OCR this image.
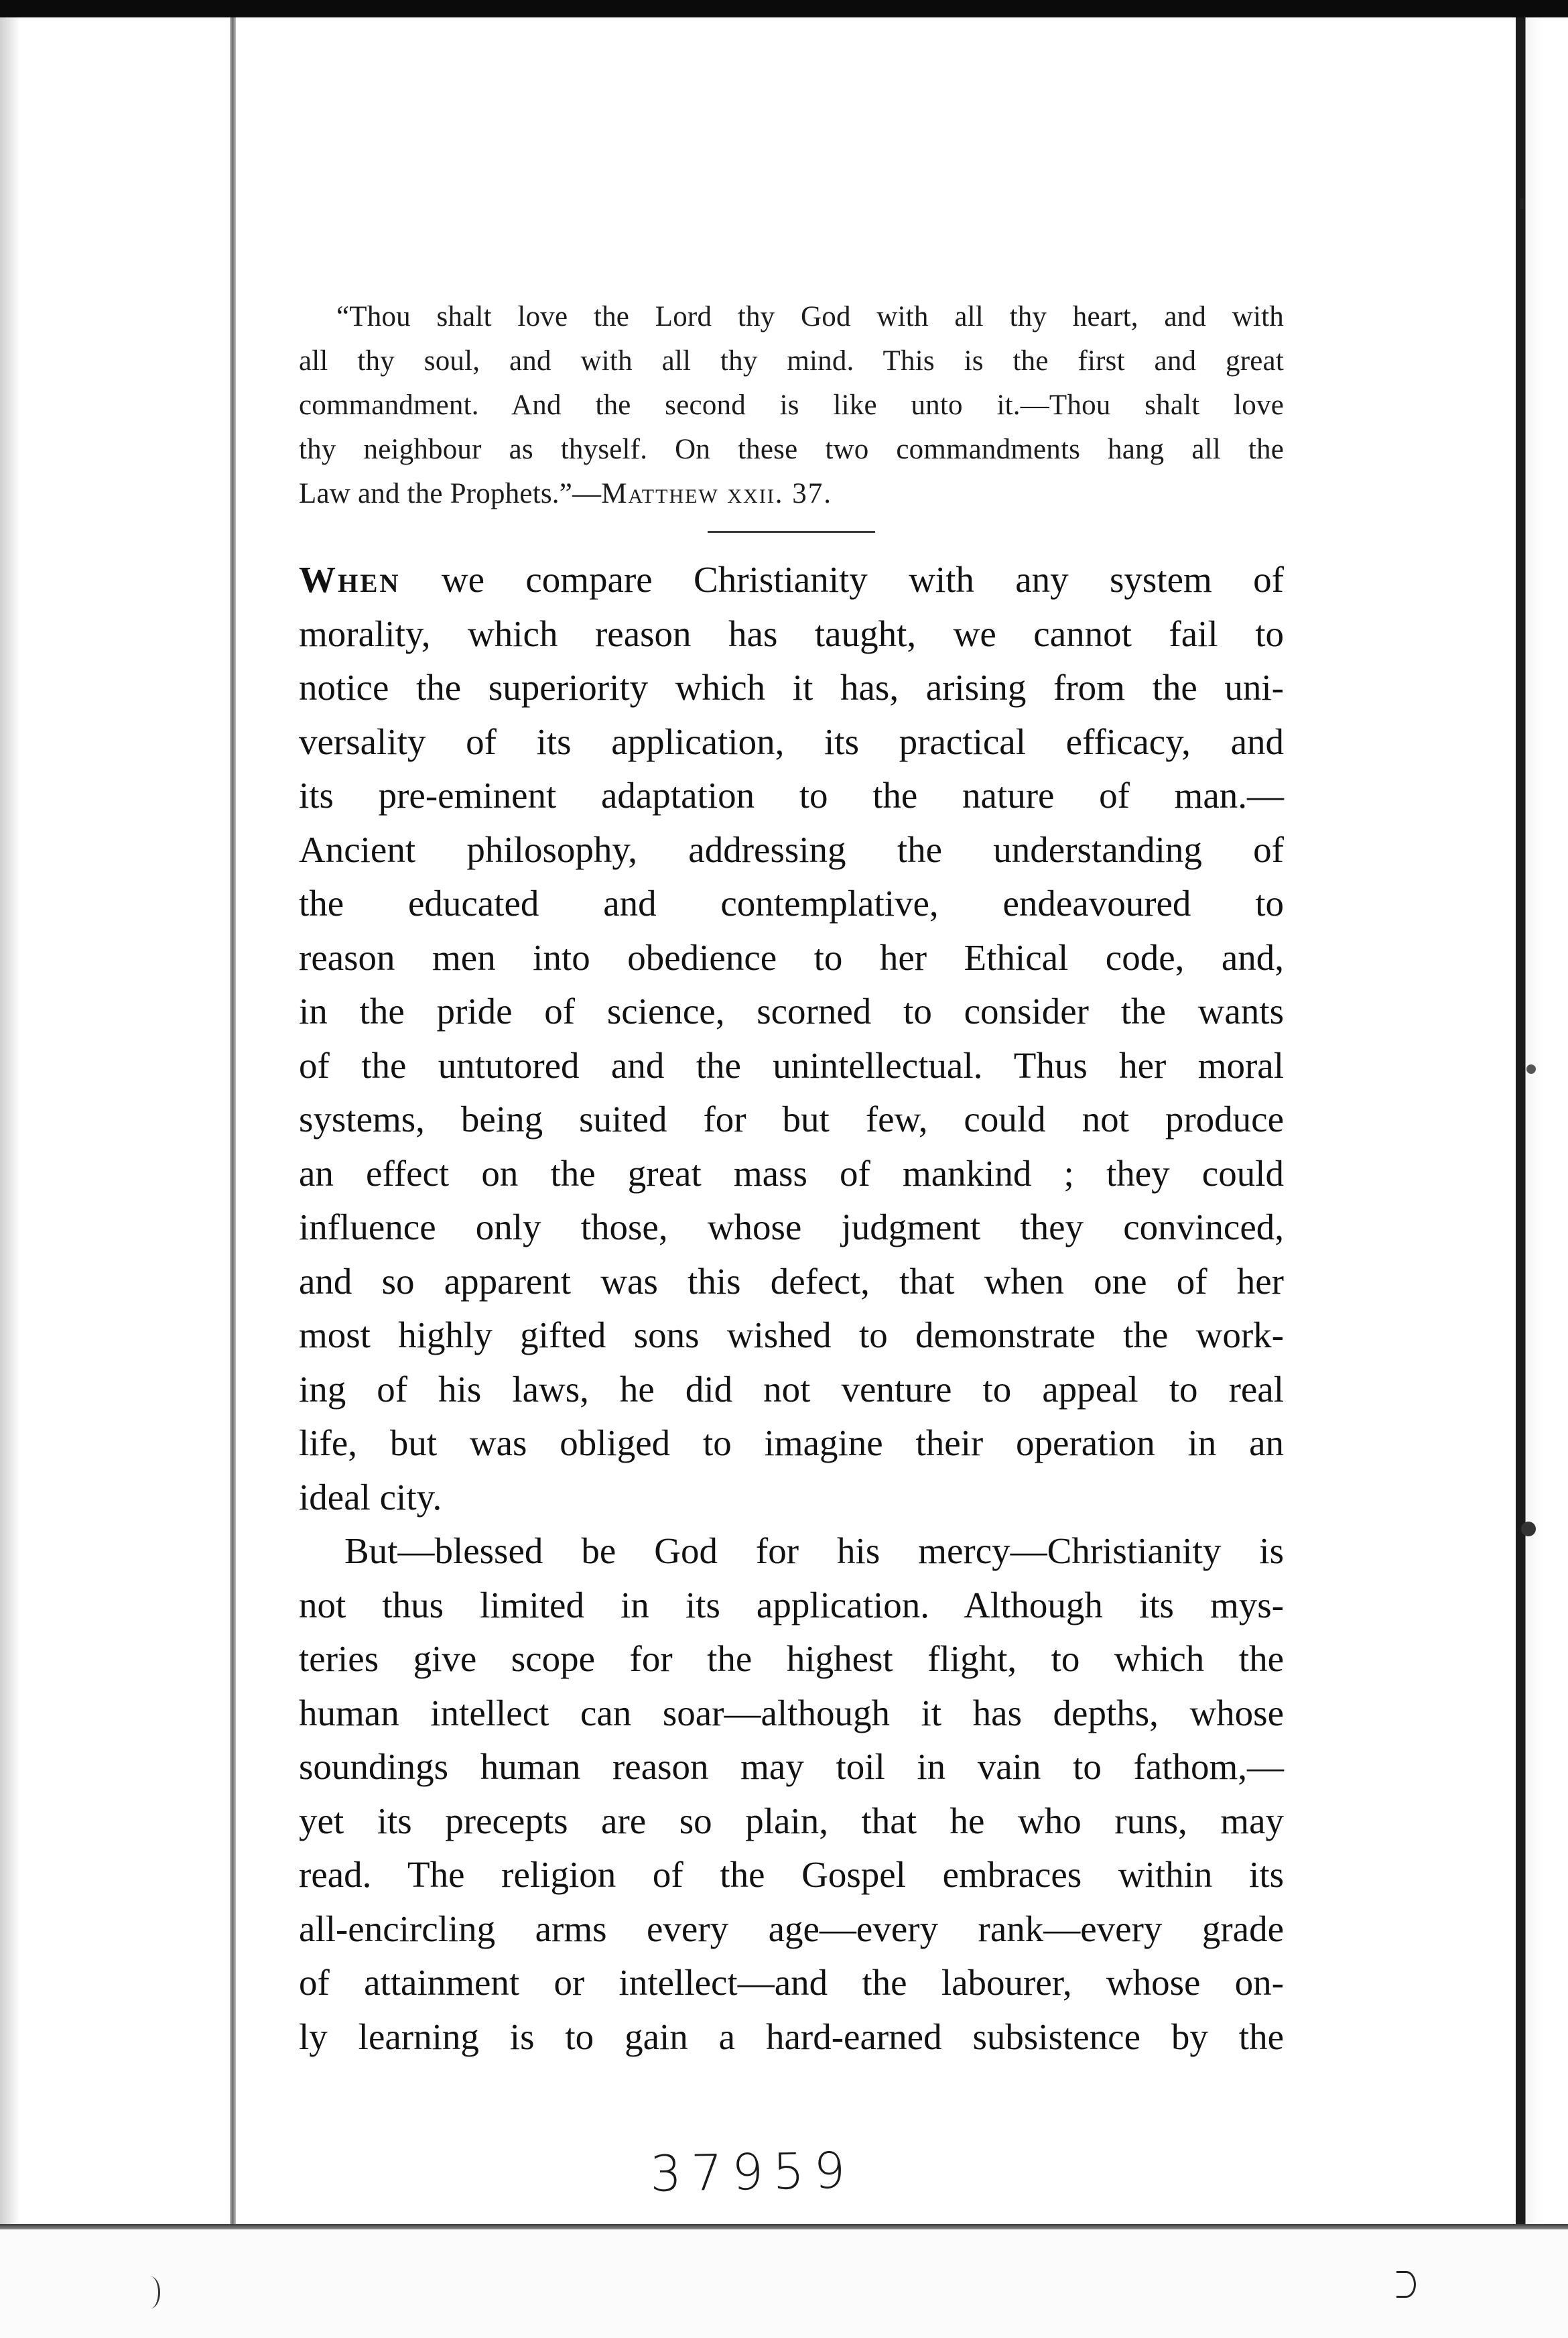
“Thou shalt love the Lord thy God with all thy heart, and with
all thy soul, and with all thy mind. This is the first and great
commandment. And the second is like unto it.—Thou shalt love
thy neighbour as thyself. On these two commandments hang all the
Law and the Prophets.”—Matthew xxii. 37.
When we compare Christianity with any system of
morality, which reason has taught, we cannot fail to
notice the superiority which it has, arising from the uni-
versality of its application, its practical efficacy, and
its pre-eminent adaptation to the nature of man.—
Ancient philosophy, addressing the understanding of
the educated and contemplative, endeavoured to
reason men into obedience to her Ethical code, and,
in the pride of science, scorned to consider the wants
of the untutored and the unintellectual. Thus her moral
systems, being suited for but few, could not produce
an effect on the great mass of mankind ; they could
influence only those, whose judgment they convinced,
and so apparent was this defect, that when one of her
most highly gifted sons wished to demonstrate the work-
ing of his laws, he did not venture to appeal to real
life, but was obliged to imagine their operation in an
ideal city.
But—blessed be God for his mercy—Christianity is
not thus limited in its application. Although its mys-
teries give scope for the highest flight, to which the
human intellect can soar—although it has depths, whose
soundings human reason may toil in vain to fathom,—
yet its precepts are so plain, that he who runs, may
read. The religion of the Gospel embraces within its
all-encircling arms every age—every rank—every grade
of attainment or intellect—and the labourer, whose on-
ly learning is to gain a hard-earned subsistence by the
37959
